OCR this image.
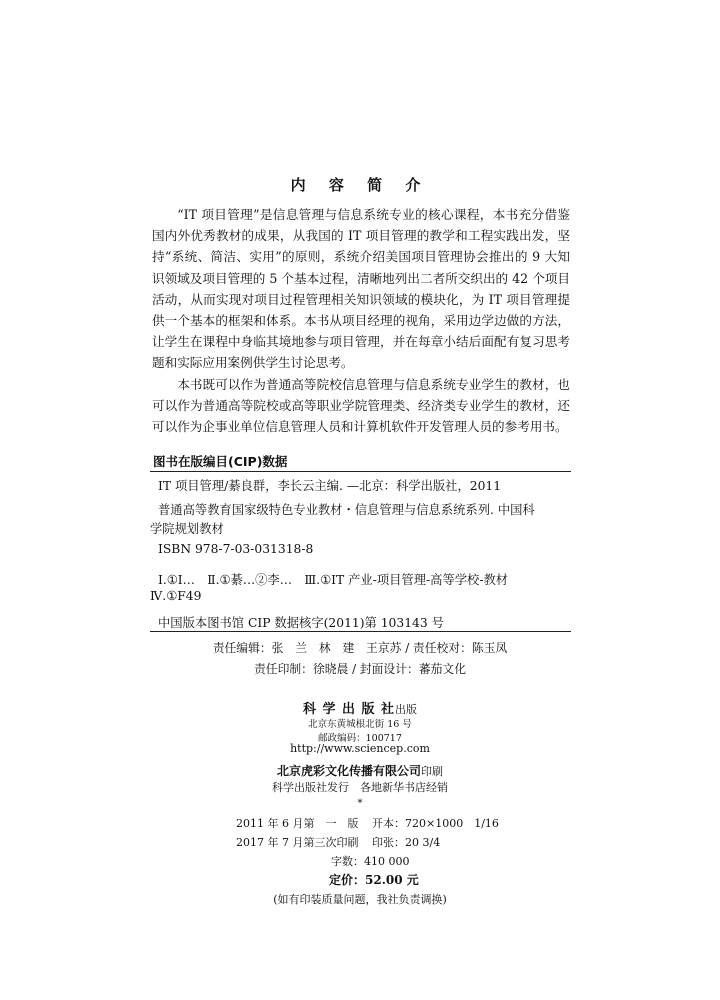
内 容 简 介

“IT 项目管理”是信息管理与信息系统专业的核心课程，本书充分借鉴国内外优秀教材的成果，从我国的 IT 项目管理的教学和工程实践出发，坚持“系统、简洁、实用”的原则，系统介绍美国项目管理协会推出的 9 大知识领域及项目管理的 5 个基本过程，清晰地列出二者所交织出的 42 个项目活动，从而实现对项目过程管理相关知识领域的模块化，为 IT 项目管理提供一个基本的框架和体系。本书从项目经理的视角，采用边学边做的方法，让学生在课程中身临其境地参与项目管理，并在每章小结后面配有复习思考题和实际应用案例供学生讨论思考。

本书既可以作为普通高等院校信息管理与信息系统专业学生的教材，也可以作为普通高等院校或高等职业学院管理类、经济类专业学生的教材，还可以作为企事业单位信息管理人员和计算机软件开发管理人员的参考用书。

图书在版编目(CIP)数据
IT 项目管理/綦良群，李长云主编. —北京：科学出版社，2011
普通高等教育国家级特色专业教材・信息管理与信息系统系列. 中国科
学院规划教材
ISBN 978-7-03-031318-8
Ⅰ.①I…　Ⅱ.①綦…②李…　Ⅲ.①IT 产业-项目管理-高等学校-教材
Ⅳ.①F49
中国版本图书馆 CIP 数据核字(2011)第 103143 号
责任编辑：张　兰　林　建　王京苏 / 责任校对：陈玉凤
责任印制：徐晓晨 / 封面设计：蕃茄文化
科 学 出 版 社出版
北京东黄城根北街 16 号
邮政编码：100717
http://www.sciencep.com
北京虎彩文化传播有限公司印刷
科学出版社发行　各地新华书店经销
*
2011 年 6 月第　一　版 开本：720×1000　1/16
2017 年 7 月第三次印刷 印张：20 3/4
字数：410 000
定价：52.00 元
(如有印装质量问题，我社负责调换)
